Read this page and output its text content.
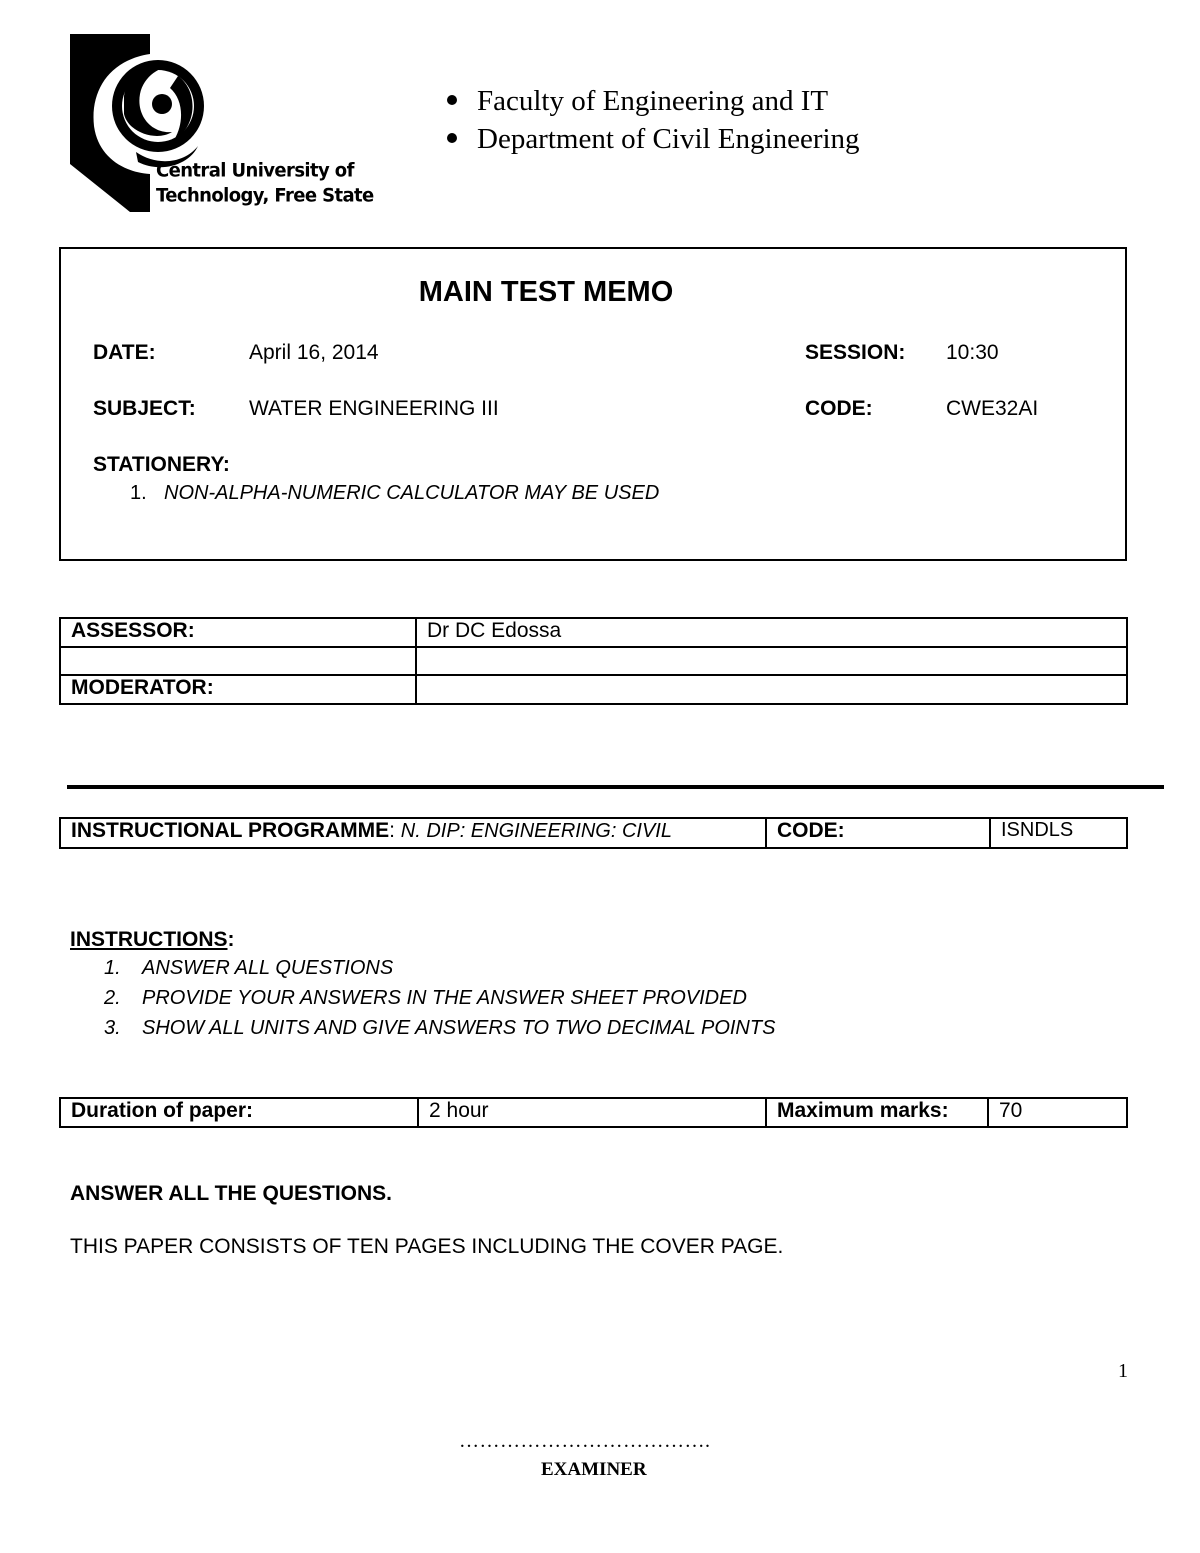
Central University of
Technology, Free State
Faculty of Engineering and IT
Department of Civil Engineering
MAIN TEST MEMO
DATE:	April 16, 2014	SESSION: 10:30
SUBJECT:	WATER ENGINEERING III	CODE:	CWE32AI
STATIONERY:
1. NON-ALPHA-NUMERIC CALCULATOR MAY BE USED
ASSESSOR:	Dr DC Edossa

MODERATOR:	
INSTRUCTIONAL PROGRAMME: N. DIP: ENGINEERING: CIVIL	CODE:	ISNDLS
INSTRUCTIONS:
1. ANSWER ALL QUESTIONS
2. PROVIDE YOUR ANSWERS IN THE ANSWER SHEET PROVIDED
3. SHOW ALL UNITS AND GIVE ANSWERS TO TWO DECIMAL POINTS
Duration of paper:	2 hour	Maximum marks:	70
ANSWER ALL THE QUESTIONS.
THIS PAPER CONSISTS OF TEN PAGES INCLUDING THE COVER PAGE.
1
……………………………….
EXAMINER
